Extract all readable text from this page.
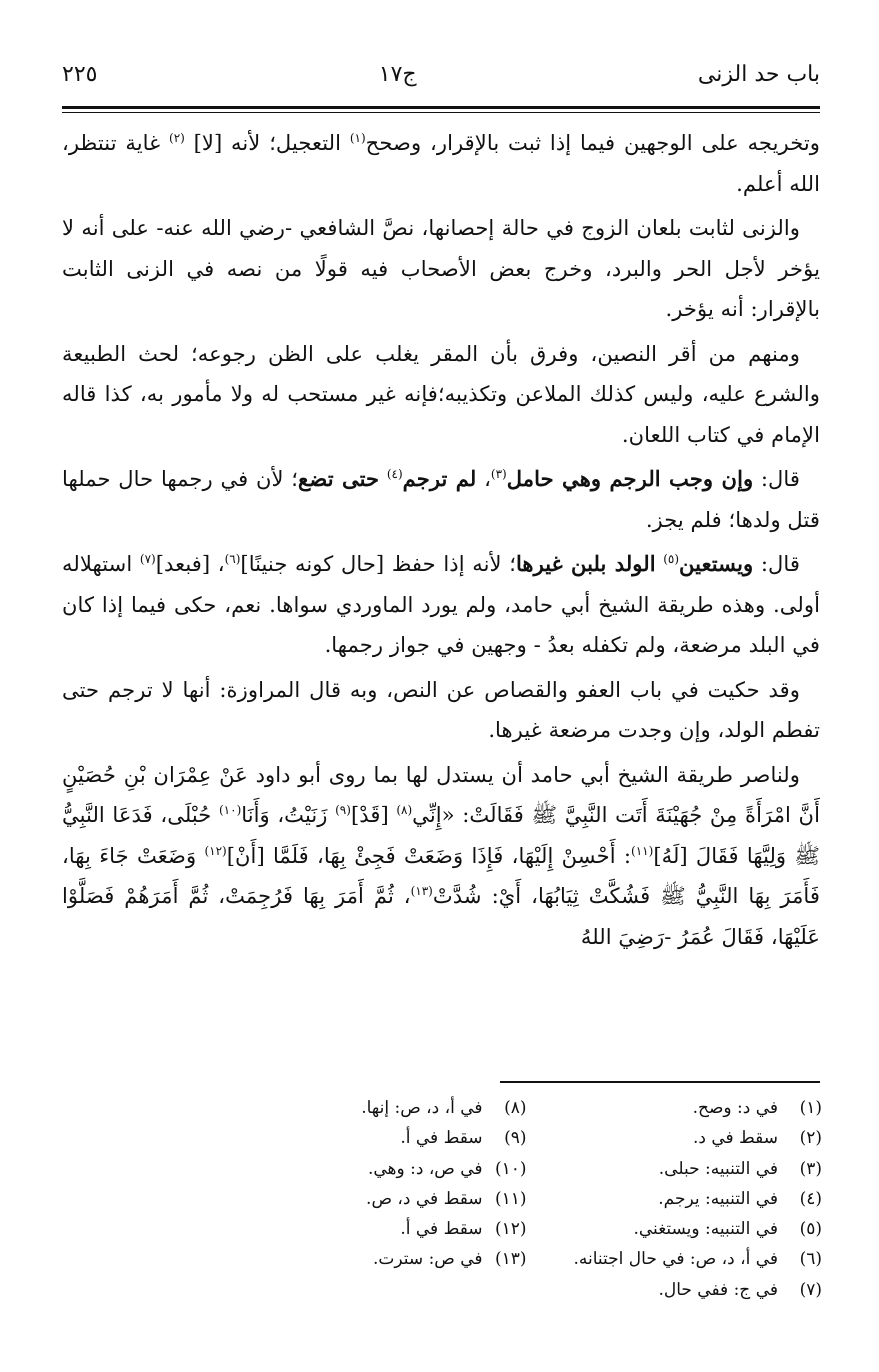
باب حد الزنى
ج١٧
٢٢٥

وتخريجه على الوجهين فيما إذا ثبت بالإقرار، وصحح$^{(١)}$ التعجيل؛ لأنه [لا] $^{(٢)}$ غاية تنتظر، الله أعلم.

والزنى لثابت بلعان الزوج في حالة إحصانها، نصَّ الشافعي -رضي الله عنه- على أنه لا يؤخر لأجل الحر والبرد، وخرج بعض الأصحاب فيه قولًا من نصه في الزنى الثابت بالإقرار: أنه يؤخر.

ومنهم من أقر النصين، وفرق بأن المقر يغلب على الظن رجوعه؛ لحث الطبيعة والشرع عليه، وليس كذلك الملاعن وتكذيبه؛فإنه غير مستحب له ولا مأمور به، كذا قاله الإمام في كتاب اللعان.

قال: وإن وجب الرجم وهي حامل$^{(٣)}$، لم ترجم$^{(٤)}$ حتى تضع؛ لأن في رجمها حال حملها قتل ولدها؛ فلم يجز.

قال: ويستعين$^{(٥)}$ الولد بلبن غيرها؛ لأنه إذا حفظ [حال كونه جنينًا]$^{(٦)}$، [فبعد]$^{(٧)}$ استهلاله أولى. وهذه طريقة الشيخ أبي حامد، ولم يورد الماوردي سواها. نعم، حكى فيما إذا كان في البلد مرضعة، ولم تكفله بعدُ - وجهين في جواز رجمها.

وقد حكيت في باب العفو والقصاص عن النص، وبه قال المراوزة: أنها لا ترجم حتى تفطم الولد، وإن وجدت مرضعة غيرها.

ولناصر طريقة الشيخ أبي حامد أن يستدل لها بما روى أبو داود عَنْ عِمْرَان بْنِ حُصَيْنٍ أَنَّ امْرَأَةً مِنْ جُهَيْنَةَ أَتَت النَّبِيَّ ﷺ فَقَالَتْ: «إِنِّي$^{(٨)}$ [قَدْ]$^{(٩)}$ زَنَيْتُ، وَأَنَا$^{(١٠)}$ حُبْلَى، فَدَعَا النَّبِيُّ ﷺ وَلِيَّهَا فَقَالَ [لَهُ]$^{(١١)}$: أَحْسِنْ إِلَيْهَا، فَإِذَا وَضَعَتْ فَجِئْ بِهَا، فَلَمَّا [أَنْ]$^{(١٢)}$ وَضَعَتْ جَاءَ بِهَا، فَأَمَرَ بِهَا النَّبِيُّ ﷺ فَشُكَّتْ ثِيَابُهَا، أَيْ: شُدَّتْ$^{(١٣)}$، ثُمَّ أَمَرَ بِهَا فَرُجِمَتْ، ثُمَّ أَمَرَهُمْ فَصَلَّوْا عَلَيْهَا، فَقَالَ عُمَرُ -رَضِيَ اللهُ

(١)في د: وصح.
(٢)سقط في د.
(٣)في التنبيه: حبلى.
(٤)في التنبيه: يرجم.
(٥)في التنبيه: ويستغني.
(٦)في أ، د، ص: في حال اجتنانه.
(٧)في ج: ففي حال.
(٨)في أ، د، ص: إنها.
(٩)سقط في أ.
(١٠)في ص، د: وهي.
(١١)سقط في د، ص.
(١٢)سقط في أ.
(١٣)في ص: سترت.
